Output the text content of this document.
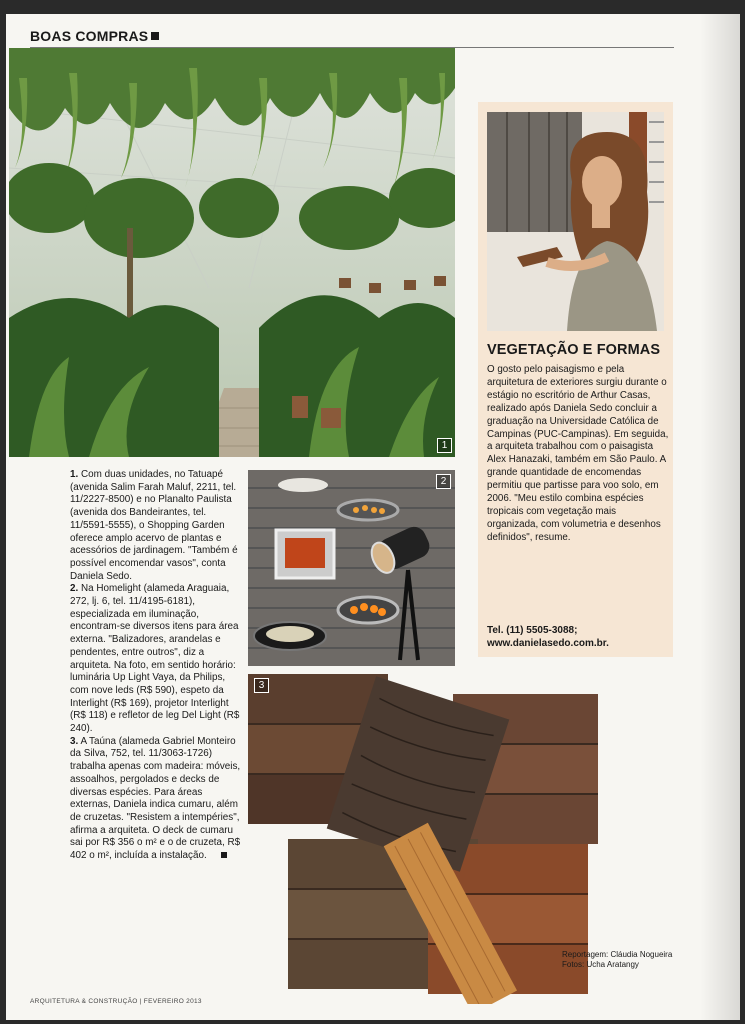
BOAS COMPRAS
1
2
3
VEGETAÇÃO E FORMAS
O gosto pelo paisagismo e pela arquitetura de exteriores surgiu durante o estágio no escritório de Arthur Casas, realizado após Daniela Sedo concluir a graduação na Universidade Católica de Campinas (PUC-Campinas). Em seguida, a arquiteta trabalhou com o paisagista Alex Hanazaki, também em São Paulo. A grande quantidade de encomendas permitiu que partisse para voo solo, em 2006. "Meu estilo combina espécies tropicais com vegetação mais organizada, com volumetria e desenhos definidos", resume.
Tel. (11) 5505-3088;
www.danielasedo.com.br.

1. Com duas unidades, no Tatuapé (avenida Salim Farah Maluf, 2211, tel. 11/2227-8500) e no Planalto Paulista (avenida dos Bandeirantes, tel. 11/5591-5555), o Shopping Garden oferece amplo acervo de plantas e acessórios de jardinagem. "Também é possível encomendar vasos", conta Daniela Sedo.

2. Na Homelight (alameda Araguaia, 272, lj. 6, tel. 11/4195-6181), especializada em iluminação, encontram-se diversos itens para área externa. "Balizadores, arandelas e pendentes, entre outros", diz a arquiteta. Na foto, em sentido horário: luminária Up Light Vaya, da Philips, com nove leds (R$ 590), espeto da Interlight (R$ 169), projetor Interlight (R$ 118) e refletor de leg Del Light (R$ 240).

3. A Taúna (alameda Gabriel Monteiro da Silva, 752, tel. 11/3063-1726) trabalha apenas com madeira: móveis, assoalhos, pergolados e decks de diversas espécies. Para áreas externas, Daniela indica cumaru, além de cruzetas. "Resistem a intempéries", afirma a arquiteta. O deck de cumaru sai por R$ 356 o m² e o de cruzeta, R$ 402 o m², incluída a instalação.

Reportagem: Cláudia Nogueira
Fotos: Ucha Aratangy
ARQUITETURA & CONSTRUÇÃO | FEVEREIRO 2013
